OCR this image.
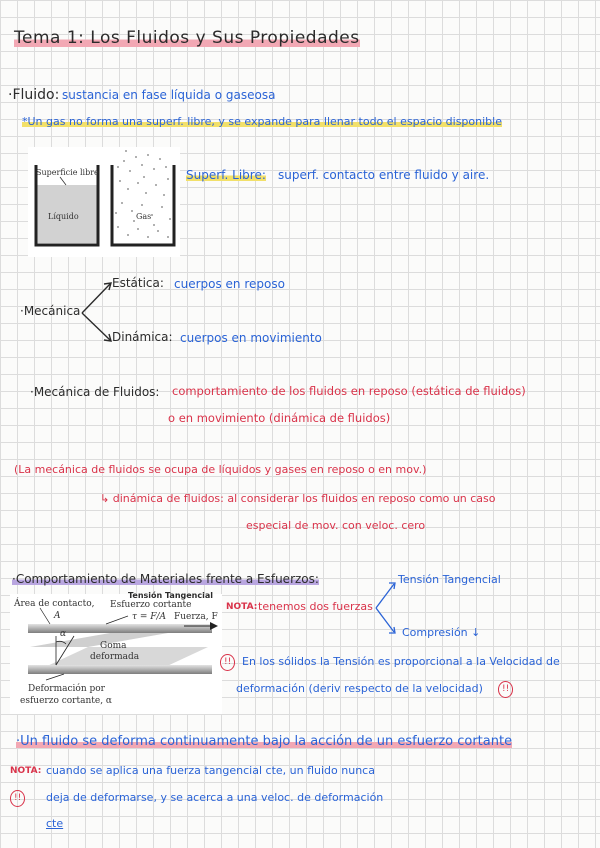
Tema 1: Los Fluidos y Sus Propiedades
·Fluido: sustancia en fase líquida o gaseosa
*Un gas no forma una superf. libre, y se expande para llenar todo el espacio disponible
Superficie libre
Líquido	Gas
Superf. Libre: superf. contacto entre fluido y aire.
·Mecánica
Estática: cuerpos en reposo
Dinámica: cuerpos en movimiento
·Mecánica de Fluidos: comportamiento de los fluidos en reposo (estática de fluidos)
o en movimiento (dinámica de fluidos)
(La mecánica de fluidos se ocupa de líquidos y gases en reposo o en mov.)
↳ dinámica de fluidos: al considerar los fluidos en reposo como un caso
especial de mov. con veloc. cero
·Comportamiento de Materiales frente a Esfuerzos:
Área de contacto,
A
Esfuerzo cortante
τ = F/A Fuerza, F
α
Goma
deformada
Deformación por
esfuerzo cortante, α
Tensión Tangencial
NOTA: tenemos dos fuerzas
Tensión Tangencial
Compresión ↓
!! En los sólidos la Tensión es proporcional a la Velocidad de
deformación (deriv respecto de la velocidad)	!!
·Un fluido se deforma continuamente bajo la acción de un esfuerzo cortante
NOTA: cuando se aplica una fuerza tangencial cte, un fluido nunca
!!	deja de deformarse, y se acerca a una veloc. de deformación
cte
